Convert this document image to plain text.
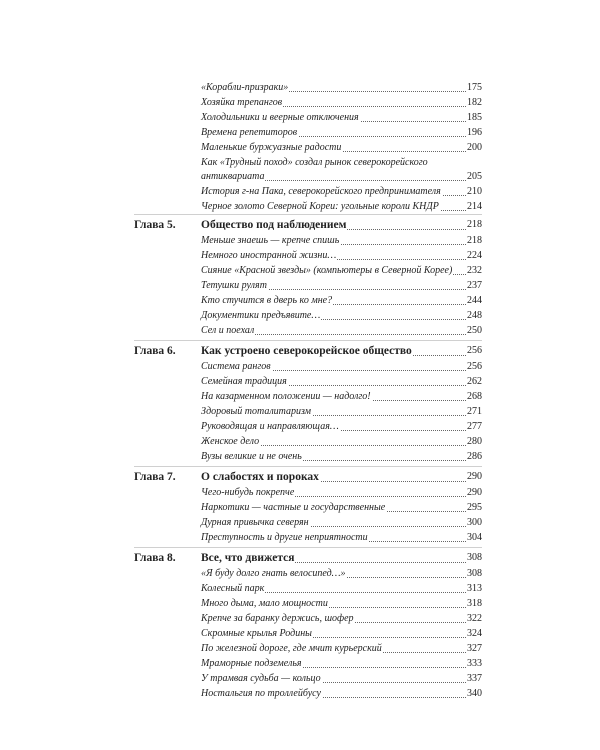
«Корабли-призраки»	175
Хозяйка трепангов	182
Холодильники и веерные отключения	185
Времена репетиторов	196
Маленькие буржуазные радости	200
Как «Трудный поход» создал рынок северокорейского
антиквариата	205
История г-на Пака, северокорейского предпринимателя	210
Черное золото Северной Кореи: угольные короли КНДР	214
Глава 5. Общество под наблюдением	218
Меньше знаешь — крепче спишь	218
Немного иностранной жизни…	224
Сияние «Красной звезды» (компьютеры в Северной Корее) 232
Тетушки рулят	237
Кто стучится в дверь ко мне?	244
Документики предъявите…	248
Сел и поехал	250
Глава 6. Как устроено северокорейское общество	256
Система рангов	256
Семейная традиция	262
На казарменном положении — надолго!	268
Здоровый тоталитаризм	271
Руководящая и направляющая…	277
Женское дело	280
Вузы великие и не очень	286
Глава 7. О слабостях и пороках	290
Чего-нибудь покрепче	290
Наркотики — частные и государственные	295
Дурная привычка северян	300
Преступность и другие неприятности	304
Глава 8. Все, что движется	308
«Я буду долго гнать велосипед…»	308
Колесный парк	313
Много дыма, мало мощности	318
Крепче за баранку держись, шофер	322
Скромные крылья Родины	324
По железной дороге, где мчит курьерский	327
Мраморные подземелья	333
У трамвая судьба — кольцо	337
Ностальгия по троллейбусу	340
